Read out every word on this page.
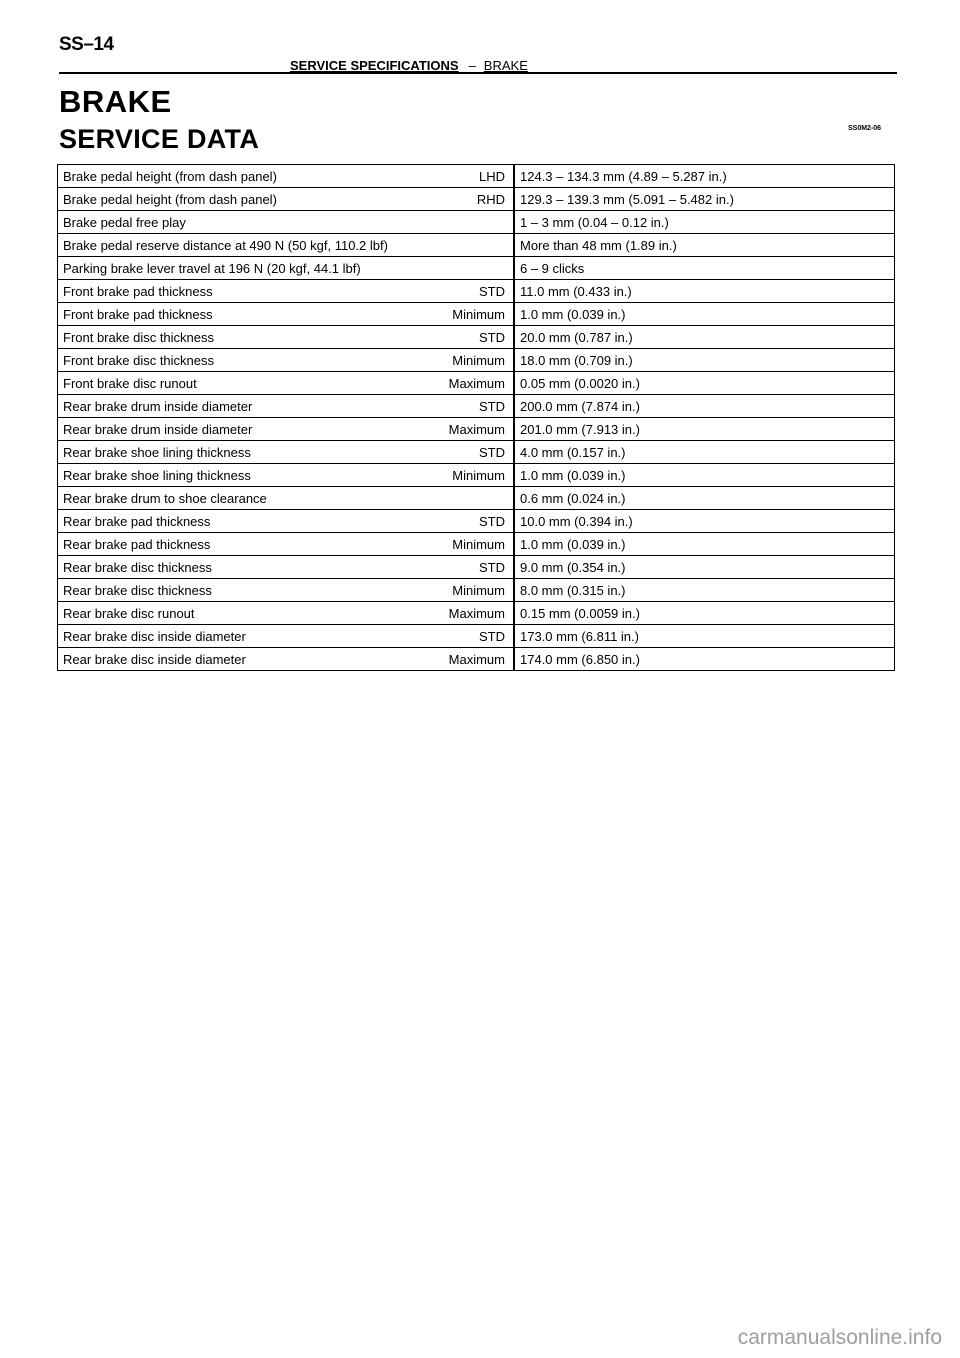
SS–14
SERVICE SPECIFICATIONS – BRAKE
BRAKE
SERVICE DATA	SS0M2-06
Brake pedal height (from dash panel)	LHD	124.3 – 134.3 mm (4.89 – 5.287 in.)
Brake pedal height (from dash panel)	RHD	129.3 – 139.3 mm (5.091 – 5.482 in.)
Brake pedal free play		1 – 3 mm (0.04 – 0.12 in.)
Brake pedal reserve distance at 490 N (50 kgf, 110.2 lbf)		More than 48 mm (1.89 in.)
Parking brake lever travel at 196 N (20 kgf, 44.1 lbf)		6 – 9 clicks
Front brake pad thickness	STD	11.0 mm (0.433 in.)
Front brake pad thickness	Minimum	1.0 mm (0.039 in.)
Front brake disc thickness	STD	20.0 mm (0.787 in.)
Front brake disc thickness	Minimum	18.0 mm (0.709 in.)
Front brake disc runout	Maximum	0.05 mm (0.0020 in.)
Rear brake drum inside diameter	STD	200.0 mm (7.874 in.)
Rear brake drum inside diameter	Maximum	201.0 mm (7.913 in.)
Rear brake shoe lining thickness	STD	4.0 mm (0.157 in.)
Rear brake shoe lining thickness	Minimum	1.0 mm (0.039 in.)
Rear brake drum to shoe clearance		0.6 mm (0.024 in.)
Rear brake pad thickness	STD	10.0 mm (0.394 in.)
Rear brake pad thickness	Minimum	1.0 mm (0.039 in.)
Rear brake disc thickness	STD	9.0 mm (0.354 in.)
Rear brake disc thickness	Minimum	8.0 mm (0.315 in.)
Rear brake disc runout	Maximum	0.15 mm (0.0059 in.)
Rear brake disc inside diameter	STD	173.0 mm (6.811 in.)
Rear brake disc inside diameter	Maximum	174.0 mm (6.850 in.)
carmanualsonline.info
